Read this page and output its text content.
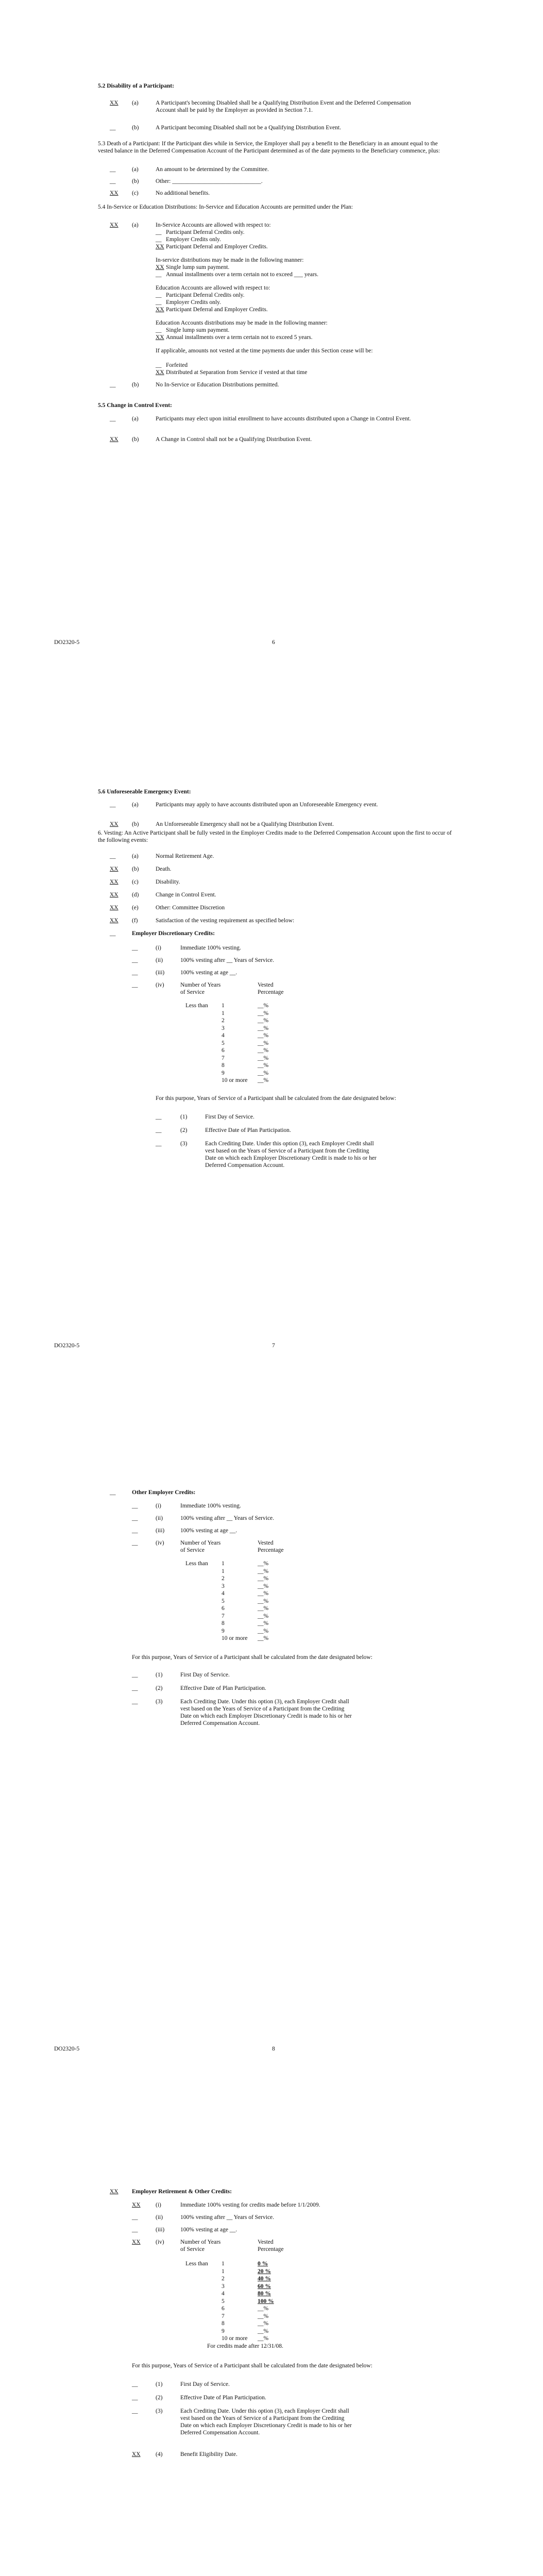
5.2 Disability of a Participant:
XX (a)	A Participant's becoming Disabled shall be a Qualifying Distribution Event and the Deferred Compensation Account shall be paid by the Employer as provided in Section 7.1.
__	(b)	A Participant becoming Disabled shall not be a Qualifying Distribution Event.
5.3 Death of a Participant: If the Participant dies while in Service, the Employer shall pay a benefit to the Beneficiary in an amount equal to the vested balance in the Deferred Compensation Account of the Participant determined as of the date payments to the Beneficiary commence, plus:
__	(a)	An amount to be determined by the Committee.
__	(b)	Other: ______________________________.
XX (c)	No additional benefits.
5.4 In-Service or Education Distributions: In-Service and Education Accounts are permitted under the Plan:
XX (a)	In-Service Accounts are allowed with respect to:
__ Participant Deferral Credits only.
__ Employer Credits only.
XX Participant Deferral and Employer Credits.
In-service distributions may be made in the following manner:
XX Single lump sum payment.
__ Annual installments over a term certain not to exceed ___ years.
Education Accounts are allowed with respect to:
__ Participant Deferral Credits only.
__ Employer Credits only.
XX Participant Deferral and Employer Credits.
Education Accounts distributions may be made in the following manner:
__ Single lump sum payment.
XX Annual installments over a term certain not to exceed 5 years.
If applicable, amounts not vested at the time payments due under this Section cease will be:
__ Forfeited
XX Distributed at Separation from Service if vested at that time
__	(b)	No In-Service or Education Distributions permitted.
5.5 Change in Control Event:
__	(a)	Participants may elect upon initial enrollment to have accounts distributed upon a Change in Control Event.
XX (b)	A Change in Control shall not be a Qualifying Distribution Event.
DO2320-5	6
5.6 Unforeseeable Emergency Event:
__	(a)	Participants may apply to have accounts distributed upon an Unforeseeable Emergency event.
XX (b)	An Unforeseeable Emergency shall not be a Qualifying Distribution Event.
6. Vesting: An Active Participant shall be fully vested in the Employer Credits made to the Deferred Compensation Account upon the first to occur of the following events:
__	(a)	Normal Retirement Age.
XX (b)	Death.
XX (c)	Disability.
XX (d)	Change in Control Event.
XX (e)	Other: Committee Discretion
XX (f)	Satisfaction of the vesting requirement as specified below:
__	Employer Discretionary Credits:
__	(i)	Immediate 100% vesting.
__	(ii)	100% vesting after __ Years of Service.
__	(iii)	100% vesting at age __.
__	(iv)	Number of Years
of Service
Vested
Percentage
Less than 1	__%
1	__%
2	__%
3	__%
4	__%
5	__%
6	__%
7	__%
8	__%
9	__%
10 or more __%
For this purpose, Years of Service of a Participant shall be calculated from the date designated below:
__	(1)	First Day of Service.
__	(2)	Effective Date of Plan Participation.
__	(3)	Each Crediting Date. Under this option (3), each Employer Credit shall vest based on the Years of Service of a Participant from the Crediting Date on which each Employer Discretionary Credit is made to his or her Deferred Compensation Account.
DO2320-5	7
__	Other Employer Credits:
__	(i)	Immediate 100% vesting.
__	(ii)	100% vesting after __ Years of Service.
__	(iii)	100% vesting at age __.
__	(iv)	Number of Years
of Service
Vested
Percentage
Less than 1	__%
1	__%
2	__%
3	__%
4	__%
5	__%
6	__%
7	__%
8	__%
9	__%
10 or more __%
For this purpose, Years of Service of a Participant shall be calculated from the date designated below:
__	(1)	First Day of Service.
__	(2)	Effective Date of Plan Participation.
__	(3)	Each Crediting Date. Under this option (3), each Employer Credit shall vest based on the Years of Service of a Participant from the Crediting Date on which each Employer Discretionary Credit is made to his or her Deferred Compensation Account.
DO2320-5	8
XX Employer Retirement & Other Credits:
XX	(i)	Immediate 100% vesting for credits made before 1/1/2009.
__	(ii)	100% vesting after __ Years of Service.
__	(iii)	100% vesting at age __.
XX	(iv)	Number of Years
of Service
Vested
Percentage
Less than 1	0 %
1	20 %
2	40 %
3	60 %
4	80 %
5	100 %
6	__%
7	__%
8	__%
9	__%
10 or more __%
For credits made after 12/31/08.
For this purpose, Years of Service of a Participant shall be calculated from the date designated below:
__	(1)	First Day of Service.
__	(2)	Effective Date of Plan Participation.
__	(3)	Each Crediting Date. Under this option (3), each Employer Credit shall vest based on the Years of Service of a Participant from the Crediting Date on which each Employer Discretionary Credit is made to his or her Deferred Compensation Account.
XX	(4)	Benefit Eligibility Date.
